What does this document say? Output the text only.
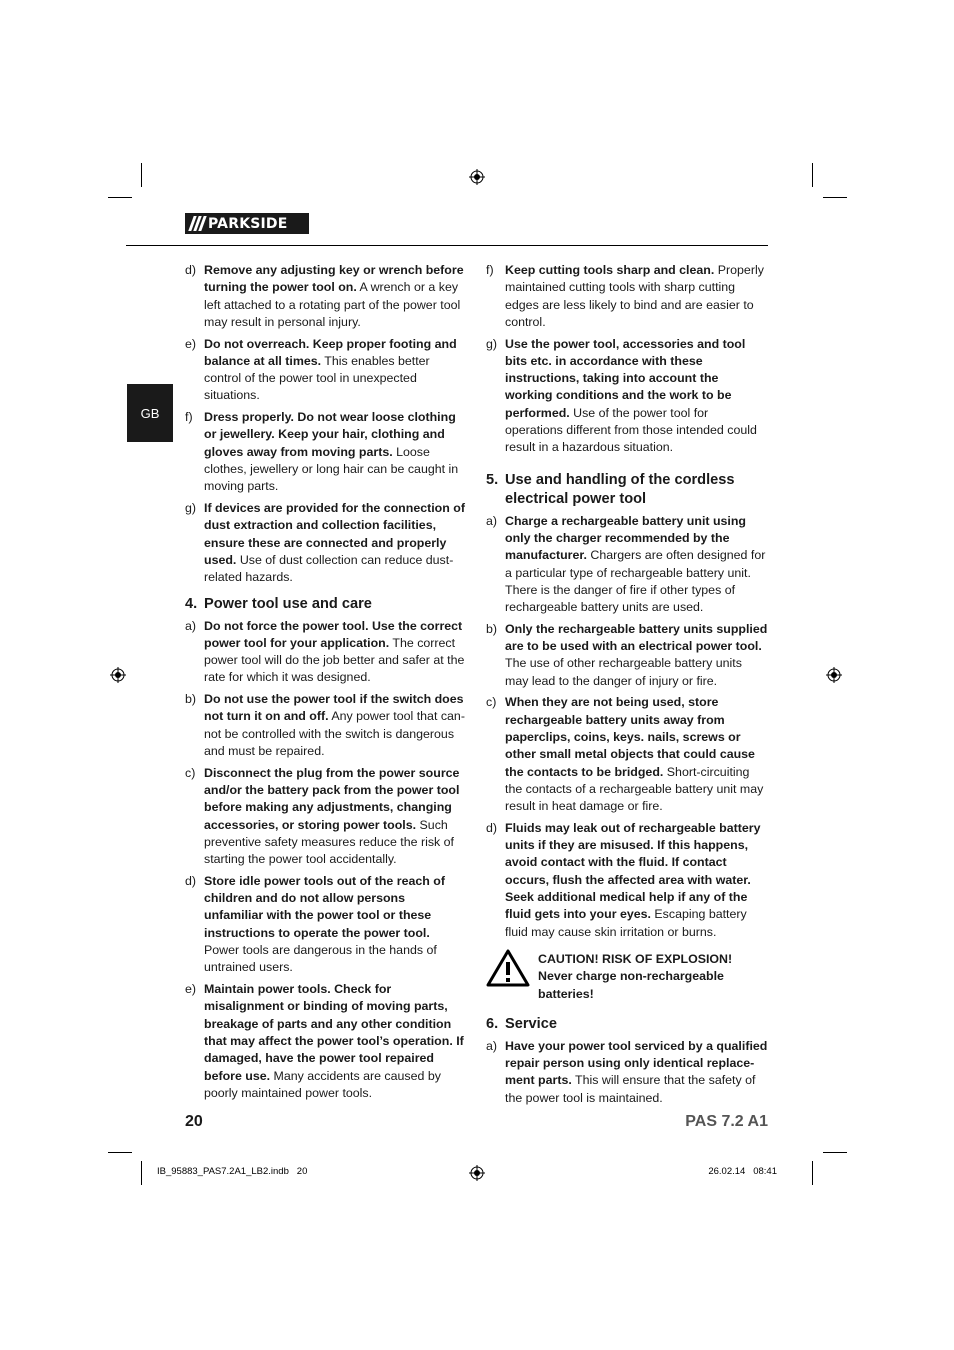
PARKSIDE
GB
d) Remove any adjusting key or wrench before turning the power tool on. A wrench or a key left attached to a rotating part of the power tool may result in personal injury.
e) Do not overreach. Keep proper footing and balance at all times. This enables better control of the power tool in unexpected situations.
f) Dress properly. Do not wear loose clothing or jewellery. Keep your hair, clothing and gloves away from moving parts. Loose clothes, jewellery or long hair can be caught in moving parts.
g) If devices are provided for the connection of dust extraction and collection facilities, ensure these are connected and properly used. Use of dust collection can reduce dust-related hazards.
4. Power tool use and care
a) Do not force the power tool. Use the correct power tool for your application. The correct power tool will do the job better and safer at the rate for which it was designed.
b) Do not use the power tool if the switch does not turn it on and off. Any power tool that cannot be controlled with the switch is dangerous and must be repaired.
c) Disconnect the plug from the power source and/or the battery pack from the power tool before making any adjustments, changing accessories, or storing power tools. Such preventive safety measures reduce the risk of starting the power tool accidentally.
d) Store idle power tools out of the reach of children and do not allow persons unfamiliar with the power tool or these instructions to operate the power tool. Power tools are dangerous in the hands of untrained users.
e) Maintain power tools. Check for misalignment or binding of moving parts, breakage of parts and any other condition that may affect the power tool’s operation. If damaged, have the power tool repaired before use. Many accidents are caused by poorly maintained power tools.
f) Keep cutting tools sharp and clean. Properly maintained cutting tools with sharp cutting edges are less likely to bind and are easier to control.
g) Use the power tool, accessories and tool bits etc. in accordance with these instructions, taking into account the working conditions and the work to be performed. Use of the power tool for operations different from those intended could result in a hazardous situation.
5. Use and handling of the cordless electrical power tool
a) Charge a rechargeable battery unit using only the charger recommended by the manufacturer. Chargers are often designed for a particular type of rechargeable battery unit. There is the danger of fire if other types of rechargeable battery units are used.
b) Only the rechargeable battery units supplied are to be used with an electrical power tool. The use of other rechargeable battery units may lead to the danger of injury or fire.
c) When they are not being used, store rechargeable battery units away from paperclips, coins, keys. nails, screws or other small metal objects that could cause the contacts to be bridged. Short-circuiting the contacts of a rechargeable battery unit may result in heat damage or fire.
d) Fluids may leak out of rechargeable battery units if they are misused. If this happens, avoid contact with the fluid. If contact occurs, flush the affected area with water. Seek additional medical help if any of the fluid gets into your eyes. Escaping battery fluid may cause skin irritation or burns.
CAUTION! RISK OF EXPLOSION! Never charge non-rechargeable batteries!
6. Service
a) Have your power tool serviced by a qualified repair person using only identical replacement parts. This will ensure that the safety of the power tool is maintained.
20	PAS 7.2 A1
IB_95883_PAS7.2A1_LB2.indb   20	26.02.14   08:41
